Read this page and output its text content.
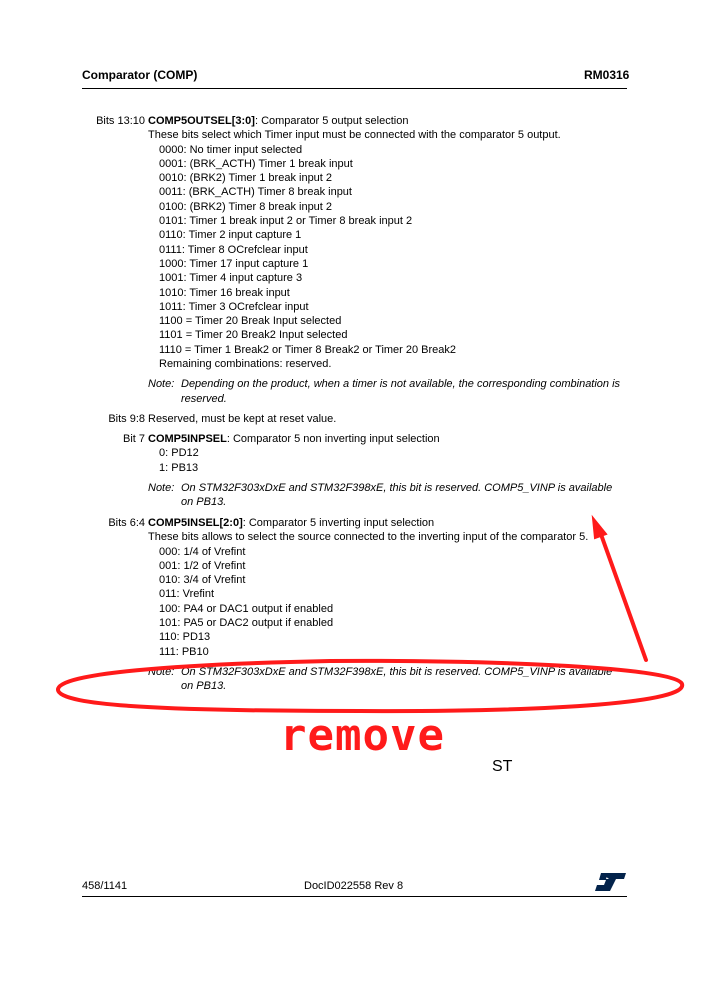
Comparator (COMP)	RM0316
Bits 13:10 COMP5OUTSEL[3:0]: Comparator 5 output selection
These bits select which Timer input must be connected with the comparator 5 output.
0000: No timer input selected
0001: (BRK_ACTH) Timer 1 break input
0010: (BRK2) Timer 1 break input 2
0011: (BRK_ACTH) Timer 8 break input
0100: (BRK2) Timer 8 break input 2
0101: Timer 1 break input 2 or Timer 8 break input 2
0110: Timer 2 input capture 1
0111: Timer 8 OCrefclear input
1000: Timer 17 input capture 1
1001: Timer 4 input capture 3
1010: Timer 16 break input
1011: Timer 3 OCrefclear input
1100 = Timer 20 Break Input selected
1101 = Timer 20 Break2 Input selected
1110 = Timer 1 Break2 or Timer 8 Break2 or Timer 20 Break2
Remaining combinations: reserved.
Note: Depending on the product, when a timer is not available, the corresponding combination is reserved.
Bits 9:8 Reserved, must be kept at reset value.
Bit 7 COMP5INPSEL: Comparator 5 non inverting input selection
0: PD12
1: PB13
Note: On STM32F303xDxE and STM32F398xE, this bit is reserved. COMP5_VINP is available on PB13.
Bits 6:4 COMP5INSEL[2:0]: Comparator 5 inverting input selection
These bits allows to select the source connected to the inverting input of the comparator 5.
000: 1/4 of Vrefint
001: 1/2 of Vrefint
010: 3/4 of Vrefint
011: Vrefint
100: PA4 or DAC1 output if enabled
101: PA5 or DAC2 output if enabled
110: PD13
111: PB10
Note: On STM32F303xDxE and STM32F398xE, this bit is reserved. COMP5_VINP is available on PB13.
remove
458/1141	DocID022558 Rev 8
ST
